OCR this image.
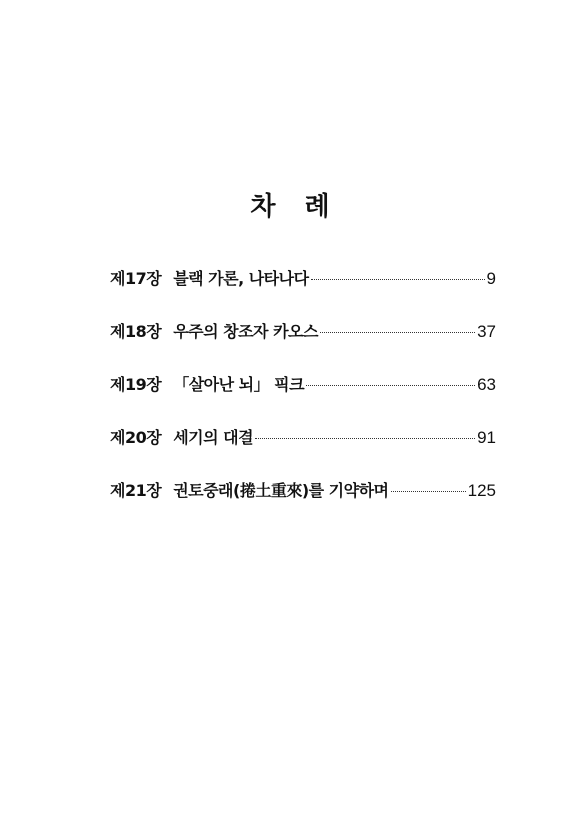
차 례
제17장 블랙 가론, 나타나다	9
제18장 우주의 창조자 카오스	37
제19장 「살아난 뇌」 픽크	63
제20장 세기의 대결	91
제21장 권토중래(捲土重來)를 기약하며	125
